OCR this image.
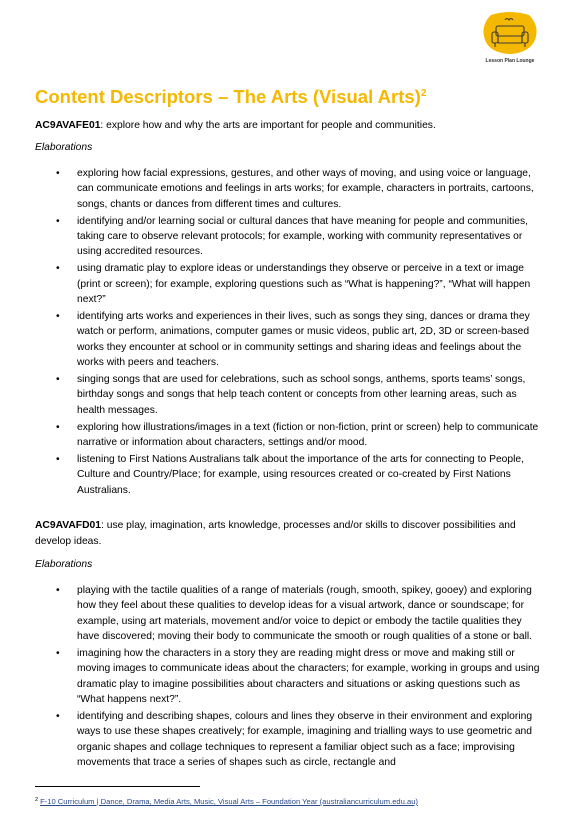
Lesson Plan Lounge
Content Descriptors – The Arts (Visual Arts)$^2$

AC9AVAFE01: explore how and why the arts are important for people and communities.

Elaborations

• exploring how facial expressions, gestures, and other ways of moving, and using voice or language, can communicate emotions and feelings in arts works; for example, characters in portraits, cartoons, songs, chants or dances from different times and cultures.
• identifying and/or learning social or cultural dances that have meaning for people and communities, taking care to observe relevant protocols; for example, working with community representatives or using accredited resources.
• using dramatic play to explore ideas or understandings they observe or perceive in a text or image (print or screen); for example, exploring questions such as “What is happening?”, “What will happen next?”
• identifying arts works and experiences in their lives, such as songs they sing, dances or drama they watch or perform, animations, computer games or music videos, public art, 2D, 3D or screen-based works they encounter at school or in community settings and sharing ideas and feelings about the works with peers and teachers.
• singing songs that are used for celebrations, such as school songs, anthems, sports teams’ songs, birthday songs and songs that help teach content or concepts from other learning areas, such as health messages.
• exploring how illustrations/images in a text (fiction or non-fiction, print or screen) help to communicate narrative or information about characters, settings and/or mood.
• listening to First Nations Australians talk about the importance of the arts for connecting to People, Culture and Country/Place; for example, using resources created or co-created by First Nations Australians.

AC9AVAFD01: use play, imagination, arts knowledge, processes and/or skills to discover possibilities and develop ideas.

Elaborations

• playing with the tactile qualities of a range of materials (rough, smooth, spikey, gooey) and exploring how they feel about these qualities to develop ideas for a visual artwork, dance or soundscape; for example, using art materials, movement and/or voice to depict or embody the tactile qualities they have discovered; moving their body to communicate the smooth or rough qualities of a stone or ball.
• imagining how the characters in a story they are reading might dress or move and making still or moving images to communicate ideas about the characters; for example, working in groups and using dramatic play to imagine possibilities about characters and situations or asking questions such as “What happens next?”.
• identifying and describing shapes, colours and lines they observe in their environment and exploring ways to use these shapes creatively; for example, imagining and trialling ways to use geometric and organic shapes and collage techniques to represent a familiar object such as a face; improvising movements that trace a series of shapes such as circle, rectangle and
$^2$ F-10 Curriculum | Dance, Drama, Media Arts, Music, Visual Arts – Foundation Year (australiancurriculum.edu.au)
